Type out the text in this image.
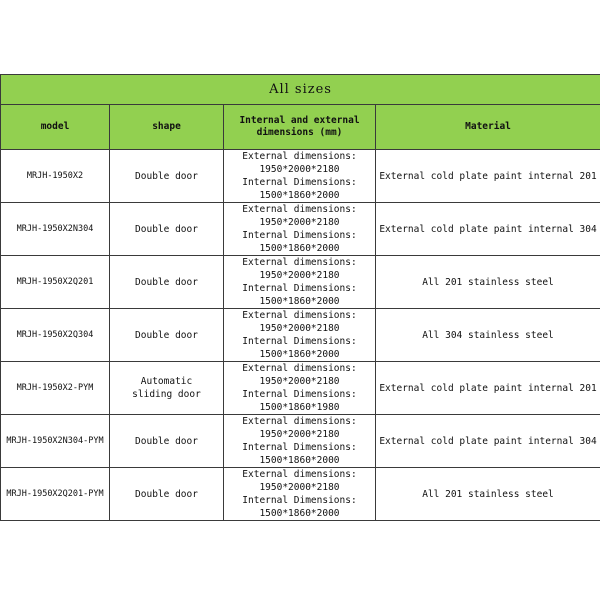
All sizes			
model	shape	Internal and external
dimensions (mm)	Material
MRJH-1950X2	Double door	External dimensions:
1950*2000*2180
Internal Dimensions:
1500*1860*2000	External cold plate paint internal 201
MRJH-1950X2N304	Double door	External dimensions:
1950*2000*2180
Internal Dimensions:
1500*1860*2000	External cold plate paint internal 304
MRJH-1950X2Q201	Double door	External dimensions:
1950*2000*2180
Internal Dimensions:
1500*1860*2000	All 201 stainless steel
MRJH-1950X2Q304	Double door	External dimensions:
1950*2000*2180
Internal Dimensions:
1500*1860*2000	All 304 stainless steel
MRJH-1950X2-PYM	Automatic
sliding door	External dimensions:
1950*2000*2180
Internal Dimensions:
1500*1860*1980	External cold plate paint internal 201
MRJH-1950X2N304-PYM	Double door	External dimensions:
1950*2000*2180
Internal Dimensions:
1500*1860*2000	External cold plate paint internal 304
MRJH-1950X2Q201-PYM	Double door	External dimensions:
1950*2000*2180
Internal Dimensions:
1500*1860*2000	All 201 stainless steel
